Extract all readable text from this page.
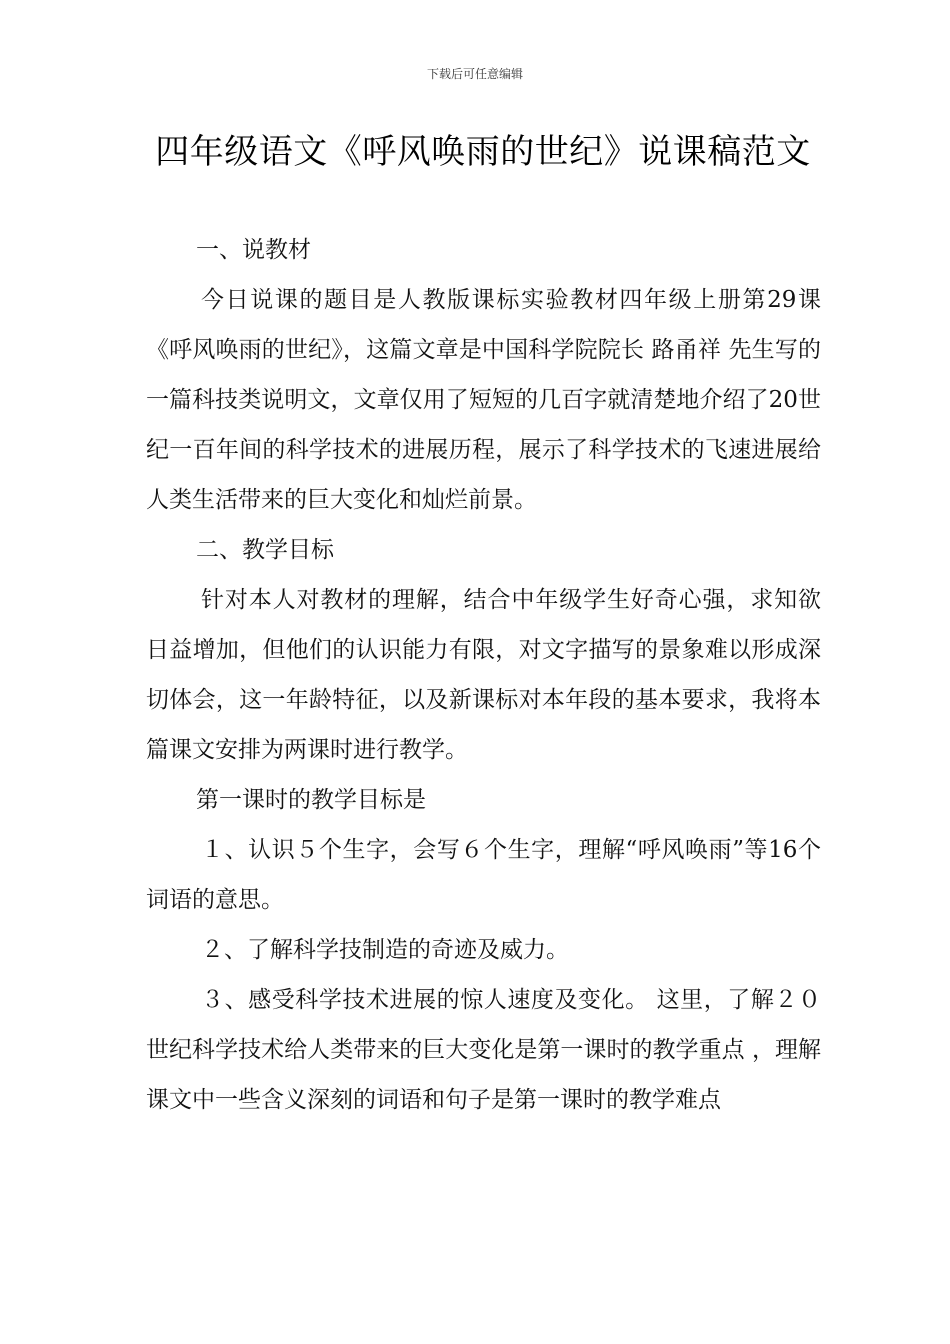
下载后可任意编辑
四年级语文《呼风唤雨的世纪》说课稿范文

一、说教材

今日说课的题目是人教版课标实验教材四年级上册第29课《呼风唤雨的世纪》，这篇文章是中国科学院院长 路甬祥 先生写的一篇科技类说明文，文章仅用了短短的几百字就清楚地介绍了20世纪一百年间的科学技术的进展历程，展示了科学技术的飞速进展给人类生活带来的巨大变化和灿烂前景。

二、教学目标

针对本人对教材的理解，结合中年级学生好奇心强，求知欲日益增加，但他们的认识能力有限，对文字描写的景象难以形成深切体会，这一年龄特征，以及新课标对本年段的基本要求，我将本篇课文安排为两课时进行教学。

第一课时的教学目标是

１、认识５个生字，会写６个生字，理解“呼风唤雨”等16个词语的意思。

２、了解科学技制造的奇迹及威力。

３、感受科学技术进展的惊人速度及变化。 这里，了解２０世纪科学技术给人类带来的巨大变化是第一课时的教学重点 ，理解课文中一些含义深刻的词语和句子是第一课时的教学难点
